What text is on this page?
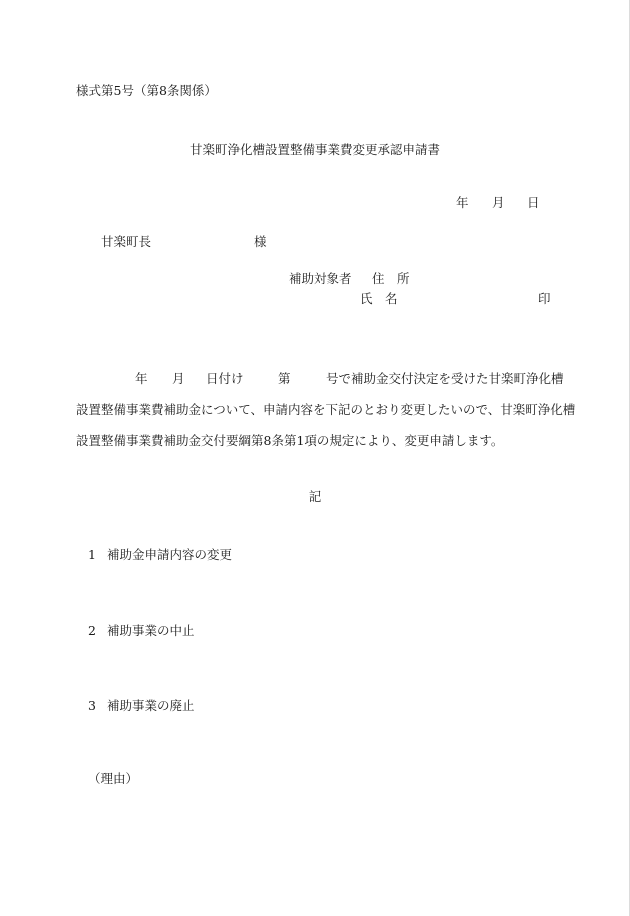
様式第5号（第8条関係）
甘楽町浄化槽設置整備事業費変更承認申請書
年 月 日
甘楽町長	様
補助対象者 住　所
氏　名	印
年 月 日付け	第	号で補助金交付決定を受けた甘楽町浄化槽
設置整備事業費補助金について、申請内容を下記のとおり変更したいので、甘楽町浄化槽
設置整備事業費補助金交付要綱第8条第1項の規定により、変更申請します。
記
1 補助金申請内容の変更
2 補助事業の中止
3 補助事業の廃止
（理由）
